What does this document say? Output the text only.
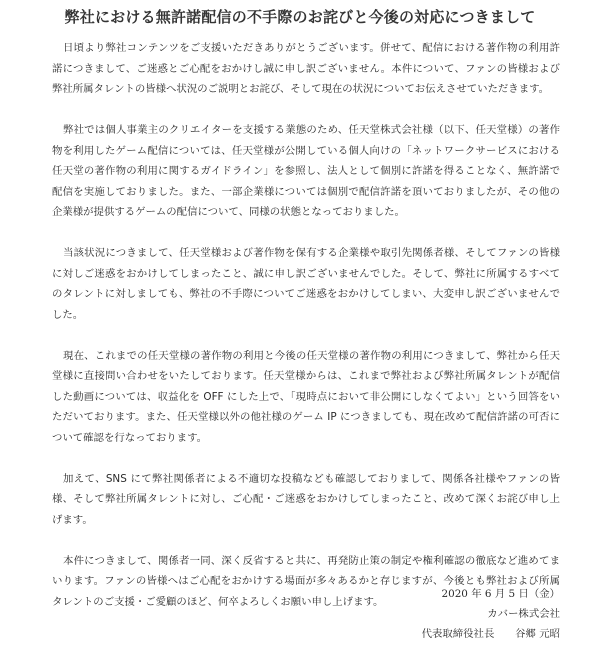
弊社における無許諾配信の不手際のお詫びと今後の対応につきまして

日頃より弊社コンテンツをご支援いただきありがとうございます。併せて、配信における著作物の利用許諾につきまして、ご迷惑とご心配をおかけし誠に申し訳ございません。本件について、ファンの皆様および弊社所属タレントの皆様へ状況のご説明とお詫び、そして現在の状況についてお伝えさせていただきます。

弊社では個人事業主のクリエイターを支援する業態のため、任天堂株式会社様（以下、任天堂様）の著作物を利用したゲーム配信については、任天堂様が公開している個人向けの「ネットワークサービスにおける任天堂の著作物の利用に関するガイドライン」を参照し、法人として個別に許諾を得ることなく、無許諾で配信を実施しておりました。また、一部企業様については個別で配信許諾を頂いておりましたが、その他の企業様が提供するゲームの配信について、同様の状態となっておりました。

当該状況につきまして、任天堂様および著作物を保有する企業様や取引先関係者様、そしてファンの皆様に対しご迷惑をおかけしてしまったこと、誠に申し訳ございませんでした。そして、弊社に所属するすべてのタレントに対しましても、弊社の不手際についてご迷惑をおかけしてしまい、大変申し訳ございませんでした。

現在、これまでの任天堂様の著作物の利用と今後の任天堂様の著作物の利用につきまして、弊社から任天堂様に直接問い合わせをいたしております。任天堂様からは、これまで弊社および弊社所属タレントが配信した動画については、収益化を OFF にした上で、「現時点において非公開にしなくてよい」という回答をいただいております。また、任天堂様以外の他社様のゲーム IP につきましても、現在改めて配信許諾の可否について確認を行なっております。

加えて、SNS にて弊社関係者による不適切な投稿なども確認しておりまして、関係各社様やファンの皆様、そして弊社所属タレントに対し、ご心配・ご迷惑をおかけしてしまったこと、改めて深くお詫び申し上げます。

本件につきまして、関係者一同、深く反省すると共に、再発防止策の制定や権利確認の徹底など進めてまいります。ファンの皆様へはご心配をおかけする場面が多々あるかと存じますが、今後とも弊社および所属タレントのご支援・ご愛顧のほど、何卒よろしくお願い申し上げます。

2020 年 6 月 5 日（金）
カバー株式会社
代表取締役社長　　谷郷 元昭
